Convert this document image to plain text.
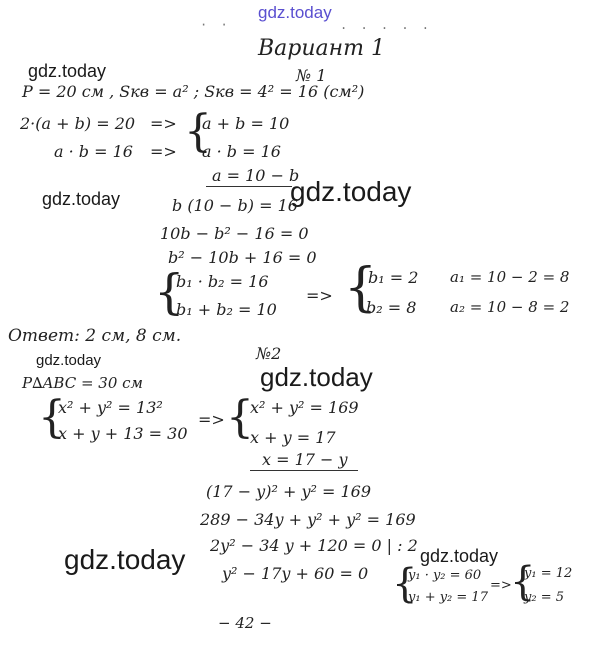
gdz.today
· ·	. . . . .
Вариант 1
gdz.today
gdz.today	gdz.today
gdz.today
gdz.today
gdz.today	gdz.today
№ 1
P = 20 см , Sкв = a² ; Sкв = 4² = 16 (см²)
2·(a + b) = 20
a · b = 16
=>
=> {
a + b = 10
a · b = 16
a = 10 − b
b (10 − b) = 16
10b − b² − 16 = 0
b² − 10b + 16 = 0
{
b₁ · b₂ = 16
b₁ + b₂ = 10
=> {
b₁ = 2
b₂ = 8
a₁ = 10 − 2 = 8
a₂ = 10 − 8 = 2
Ответ: 2 см, 8 см.
№2
P∆ABC = 30 см
{
x² + y² = 13²
x + y + 13 = 30
=> {
x² + y² = 169
x + y = 17
x = 17 − y
(17 − y)² + y² = 169
289 − 34y + y² + y² = 169
2y² − 34 y + 120 = 0 | : 2
y² − 17y + 60 = 0 {
y₁ · y₂ = 60
y₁ + y₂ = 17
=>
{
y₁ = 12
y₂ = 5
− 42 −
